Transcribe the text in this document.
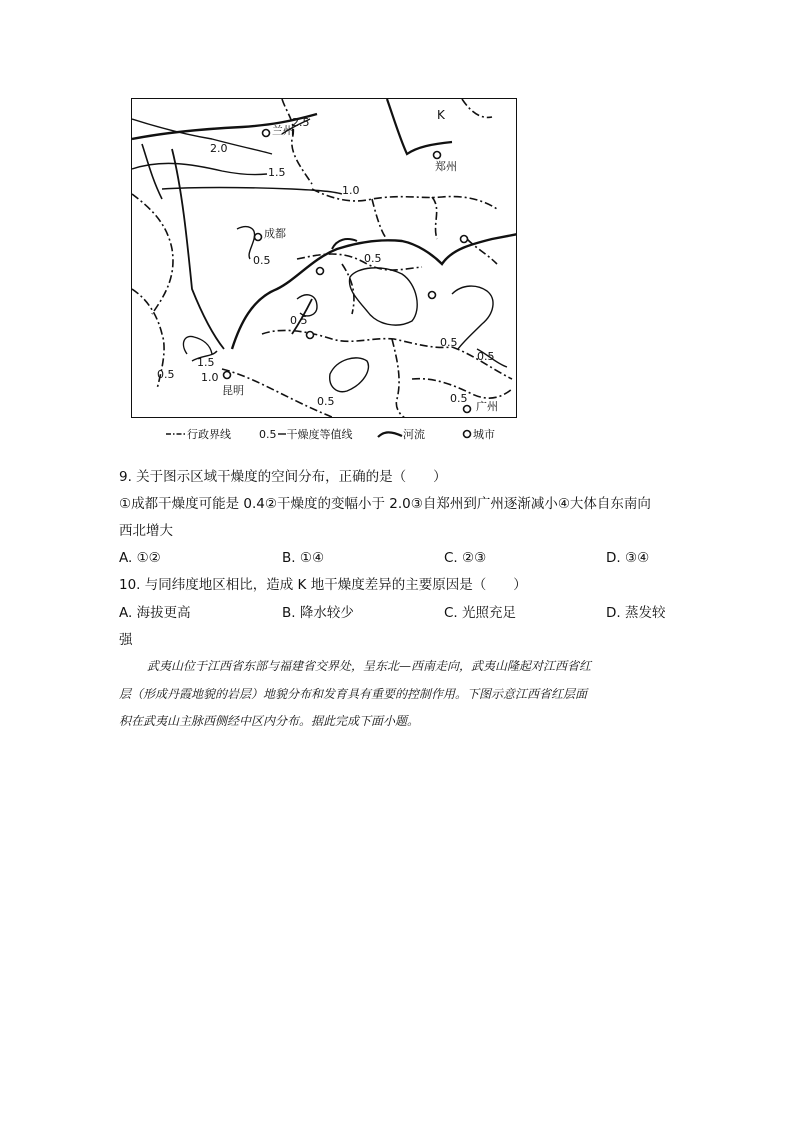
2.5
2.0
1.5
1.0
0.5	0.5
0.5
0.5
0.5
0.5
1.5
0.5
1.0
0.5
兰州
郑州
成都
昆明
广州
K
行政界线	0.5 干燥度等值线	河流	城市
9. 关于图示区域干燥度的空间分布，正确的是（　　）
①成都干燥度可能是 0.4②干燥度的变幅小于 2.0③自郑州到广州逐渐减小④大体自东南向
西北增大
A. ①②	B. ①④	C. ②③	D. ③④
10. 与同纬度地区相比，造成 K 地干燥度差异的主要原因是（　　）
A. 海拔更高	B. 降水较少	C. 光照充足	D. 蒸发较
强
武夷山位于江西省东部与福建省交界处，呈东北—西南走向，武夷山隆起对江西省红
层（形成丹霞地貌的岩层）地貌分布和发育具有重要的控制作用。下图示意江西省红层面
积在武夷山主脉西侧经中区内分布。据此完成下面小题。
